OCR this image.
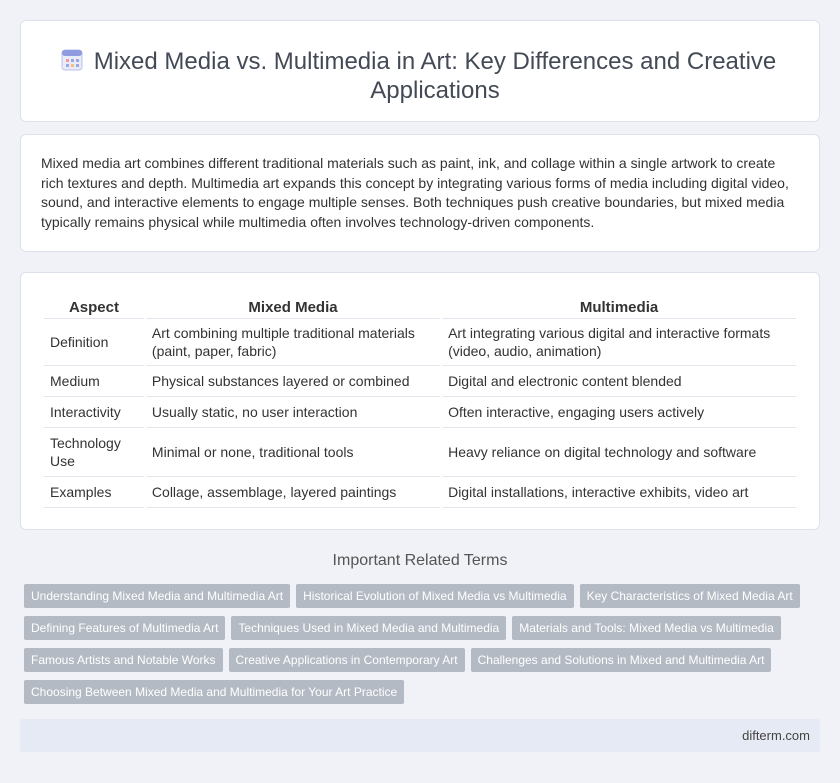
Mixed Media vs. Multimedia in Art: Key Differences and Creative
Applications

Mixed media art combines different traditional materials such as paint, ink, and collage within a single artwork to create rich textures and depth. Multimedia art expands this concept by integrating various forms of media including digital video, sound, and interactive elements to engage multiple senses. Both techniques push creative boundaries, but mixed media typically remains physical while multimedia often involves technology-driven components.

Aspect	Mixed Media	Multimedia
Definition	Art combining multiple traditional materials (paint, paper, fabric)	Art integrating various digital and interactive formats (video, audio, animation)
Medium	Physical substances layered or combined	Digital and electronic content blended
Interactivity	Usually static, no user interaction	Often interactive, engaging users actively
Technology Use	Minimal or none, traditional tools	Heavy reliance on digital technology and software
Examples	Collage, assemblage, layered paintings	Digital installations, interactive exhibits, video art
Important Related Terms
Understanding Mixed Media and Multimedia Art	Historical Evolution of Mixed Media vs Multimedia	Key Characteristics of Mixed Media Art
Defining Features of Multimedia Art	Techniques Used in Mixed Media and Multimedia	Materials and Tools: Mixed Media vs Multimedia
Famous Artists and Notable Works	Creative Applications in Contemporary Art	Challenges and Solutions in Mixed and Multimedia Art
Choosing Between Mixed Media and Multimedia for Your Art Practice
difterm.com
